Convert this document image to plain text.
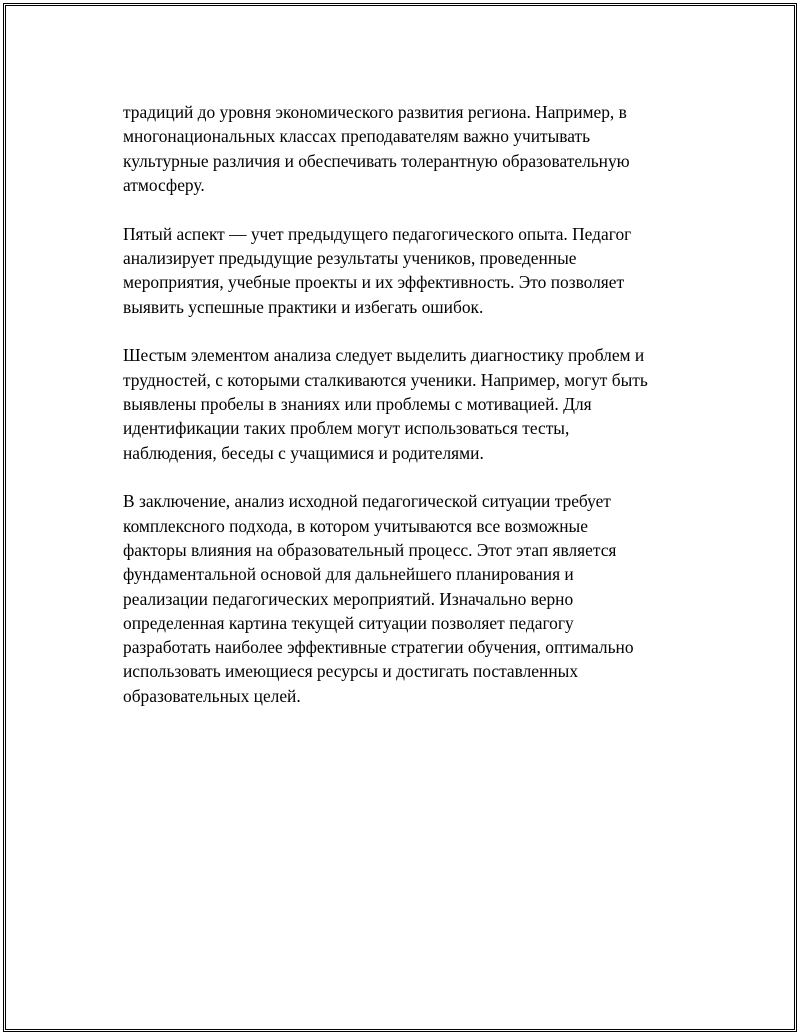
традиций до уровня экономического развития региона. Например, в
многонациональных классах преподавателям важно учитывать
культурные различия и обеспечивать толерантную образовательную
атмосферу.

Пятый аспект — учет предыдущего педагогического опыта. Педагог
анализирует предыдущие результаты учеников, проведенные
мероприятия, учебные проекты и их эффективность. Это позволяет
выявить успешные практики и избегать ошибок.

Шестым элементом анализа следует выделить диагностику проблем и
трудностей, с которыми сталкиваются ученики. Например, могут быть
выявлены пробелы в знаниях или проблемы с мотивацией. Для
идентификации таких проблем могут использоваться тесты,
наблюдения, беседы с учащимися и родителями.

В заключение, анализ исходной педагогической ситуации требует
комплексного подхода, в котором учитываются все возможные
факторы влияния на образовательный процесс. Этот этап является
фундаментальной основой для дальнейшего планирования и
реализации педагогических мероприятий. Изначально верно
определенная картина текущей ситуации позволяет педагогу
разработать наиболее эффективные стратегии обучения, оптимально
использовать имеющиеся ресурсы и достигать поставленных
образовательных целей.
